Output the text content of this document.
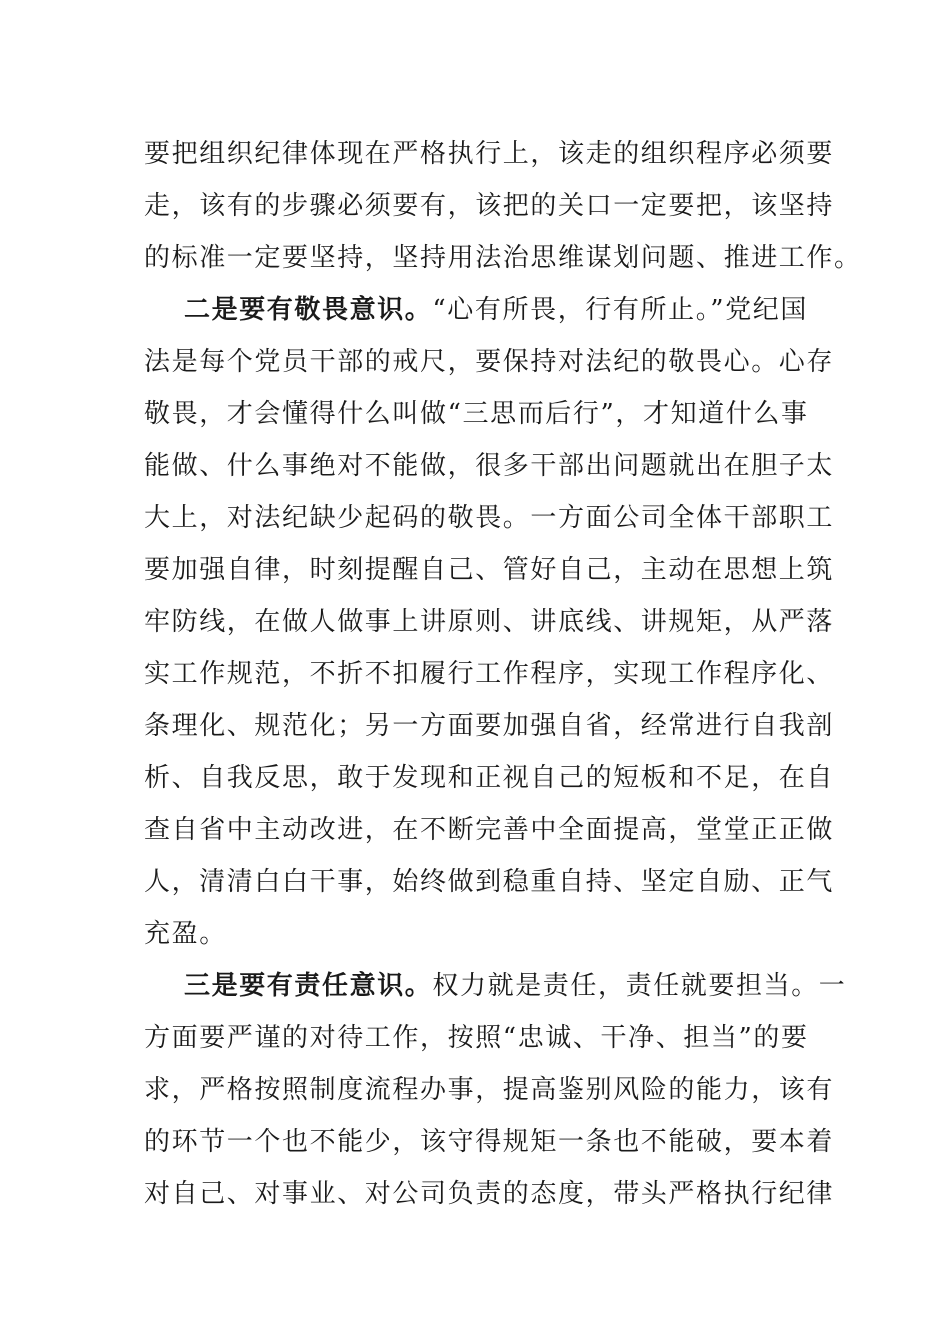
要把组织纪律体现在严格执行上，该走的组织程序必须要
走，该有的步骤必须要有，该把的关口一定要把，该坚持
的标准一定要坚持，坚持用法治思维谋划问题、推进工作。
二是要有敬畏意识。“心有所畏，行有所止。”党纪国
法是每个党员干部的戒尺，要保持对法纪的敬畏心。心存
敬畏，才会懂得什么叫做“三思而后行”，才知道什么事
能做、什么事绝对不能做，很多干部出问题就出在胆子太
大上，对法纪缺少起码的敬畏。一方面公司全体干部职工
要加强自律，时刻提醒自己、管好自己，主动在思想上筑
牢防线，在做人做事上讲原则、讲底线、讲规矩，从严落
实工作规范，不折不扣履行工作程序，实现工作程序化、
条理化、规范化；另一方面要加强自省，经常进行自我剖
析、自我反思，敢于发现和正视自己的短板和不足，在自
查自省中主动改进，在不断完善中全面提高，堂堂正正做
人，清清白白干事，始终做到稳重自持、坚定自励、正气
充盈。
三是要有责任意识。权力就是责任，责任就要担当。一
方面要严谨的对待工作，按照“忠诚、干净、担当”的要
求，严格按照制度流程办事，提高鉴别风险的能力，该有
的环节一个也不能少，该守得规矩一条也不能破，要本着
对自己、对事业、对公司负责的态度，带头严格执行纪律
